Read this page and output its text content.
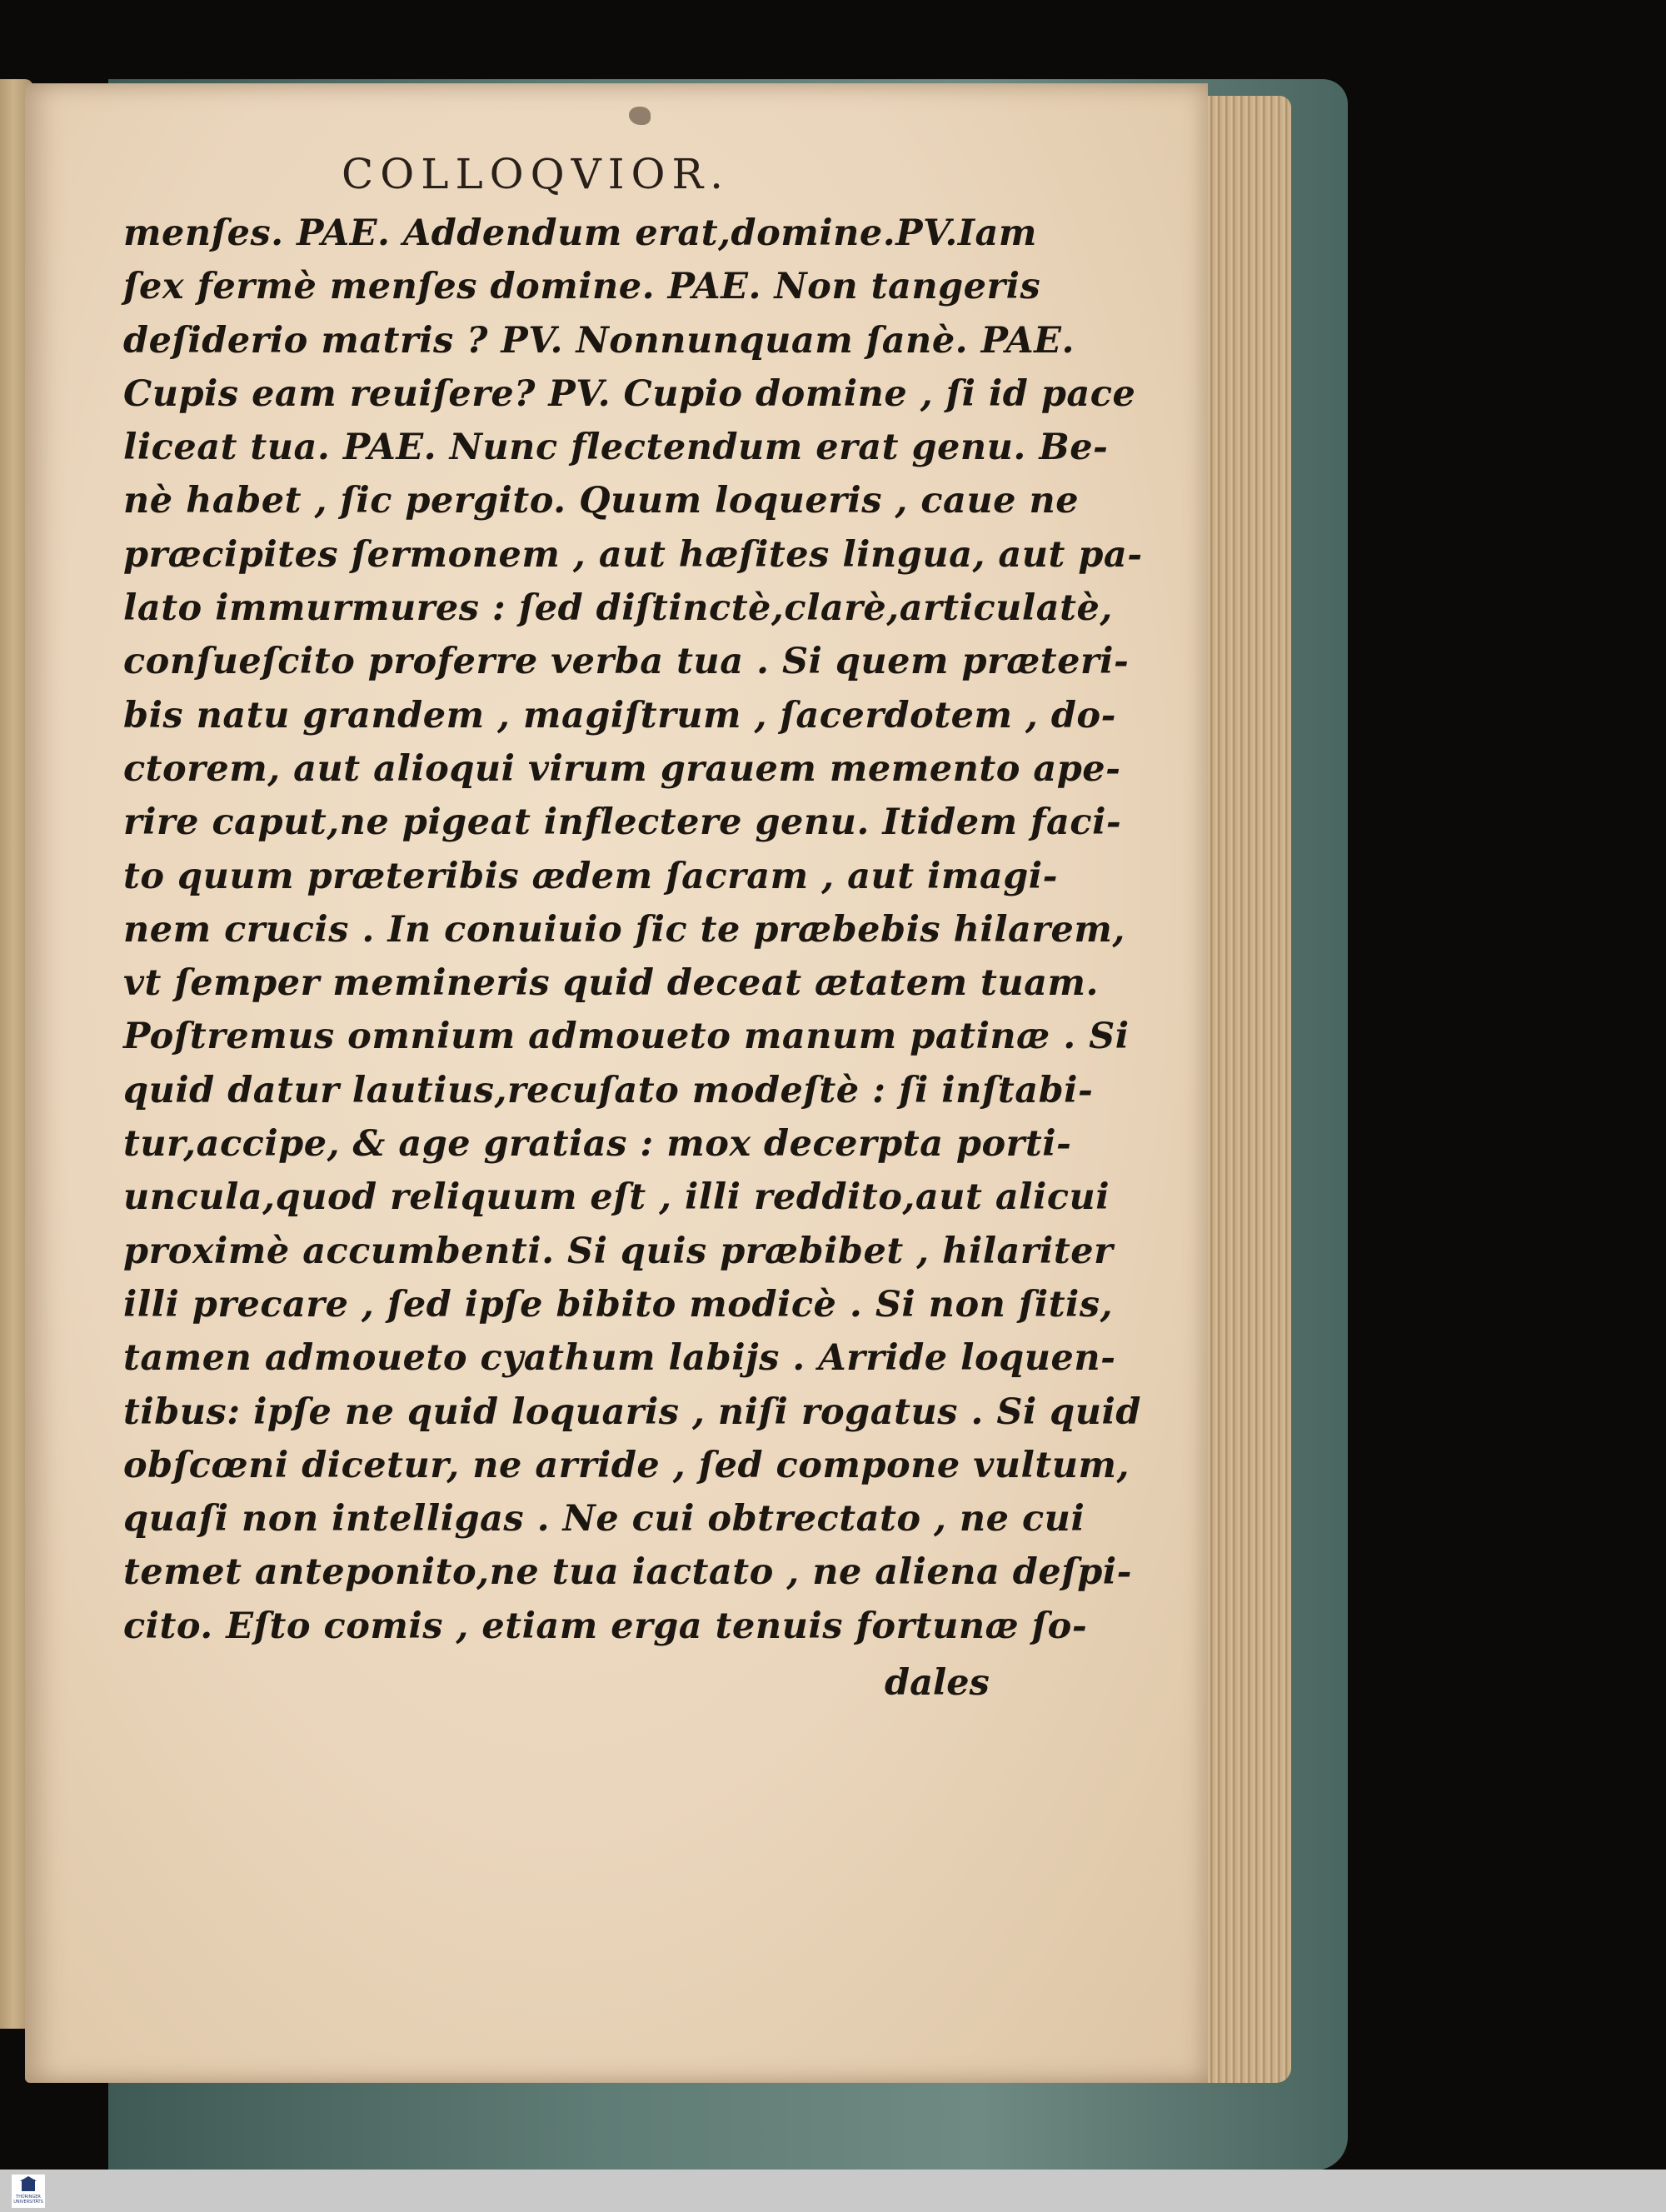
COLLOQVIOR.
menſes. PAE. Addendum erat,domine.PV.Iam
ſex fermè menſes domine. PAE. Non tangeris
deſiderio matris ? PV. Nonnunquam ſanè. PAE.
Cupis eam reuiſere? PV. Cupio domine , ſi id pace
liceat tua. PAE. Nunc flectendum erat genu. Be-
nè habet , ſic pergito. Quum loqueris , caue ne
præcipites ſermonem , aut hæſites lingua, aut pa-
lato immurmures : ſed diſtinctè,clarè,articulatè,
conſueſcito proferre verba tua . Si quem præteri-
bis natu grandem , magiſtrum , ſacerdotem , do-
ctorem, aut alioqui virum grauem memento ape-
rire caput,ne pigeat inflectere genu. Itidem faci-
to quum præteribis ædem ſacram , aut imagi-
nem crucis . In conuiuio ſic te præbebis hilarem,
vt ſemper memineris quid deceat ætatem tuam.
Poſtremus omnium admoueto manum patinæ . Si
quid datur lautius,recuſato modeſtè : ſi inſtabi-
tur,accipe, & age gratias : mox decerpta porti-
uncula,quod reliquum eſt , illi reddito,aut alicui
proximè accumbenti. Si quis præbibet , hilariter
illi precare , ſed ipſe bibito modicè . Si non ſitis,
tamen admoueto cyathum labijs . Arride loquen-
tibus: ipſe ne quid loquaris , niſi rogatus . Si quid
obſcœni dicetur, ne arride , ſed compone vultum,
quaſi non intelligas . Ne cui obtrectato , ne cui
temet anteponito,ne tua iactato , ne aliena deſpi-
cito. Eſto comis , etiam erga tenuis fortunæ ſo-
dales
THÜRINGER UNIVERSITÄTS
